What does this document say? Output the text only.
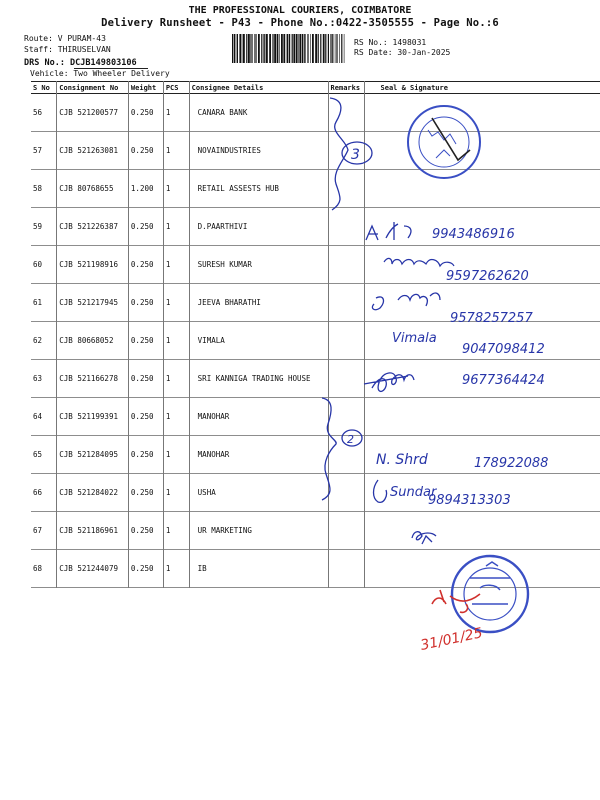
THE PROFESSIONAL COURIERS, COIMBATORE
Delivery Runsheet - P43 - Phone No.:0422-3505555 - Page No.:6
Route: V PURAM-43
Staff: THIRUSELVAN
DRS No.: DCJB149803106
Vehicle: Two Wheeler Delivery
RS No.: 1498031
RS Date: 30-Jan-2025
S No	Consignment No	Weight	PCS	Consignee Details	Remarks	Seal & Signature
56	CJB 521200577	0.250	1	CANARA BANK		
57	CJB 521263081	0.250	1	NOVAINDUSTRIES		
58	CJB 80768655	1.200	1	RETAIL ASSESTS HUB		
59	CJB 521226387	0.250	1	D.PAARTHIVI		
60	CJB 521198916	0.250	1	SURESH KUMAR		
61	CJB 521217945	0.250	1	JEEVA BHARATHI		
62	CJB 80668052	0.250	1	VIMALA		
63	CJB 521166278	0.250	1	SRI KANNIGA TRADING HOUSE		
64	CJB 521199391	0.250	1	MANOHAR		
65	CJB 521284095	0.250	1	MANOHAR		
66	CJB 521284022	0.250	1	USHA		
67	CJB 521186961	0.250	1	UR MARKETING		
68	CJB 521244079	0.250	1	IB		
3
2
9943486916
9597262620
9578257257
Vimala
9047098412
9677364424
N. Shrd	178922088
Sundar
9894313303
31/01/25
